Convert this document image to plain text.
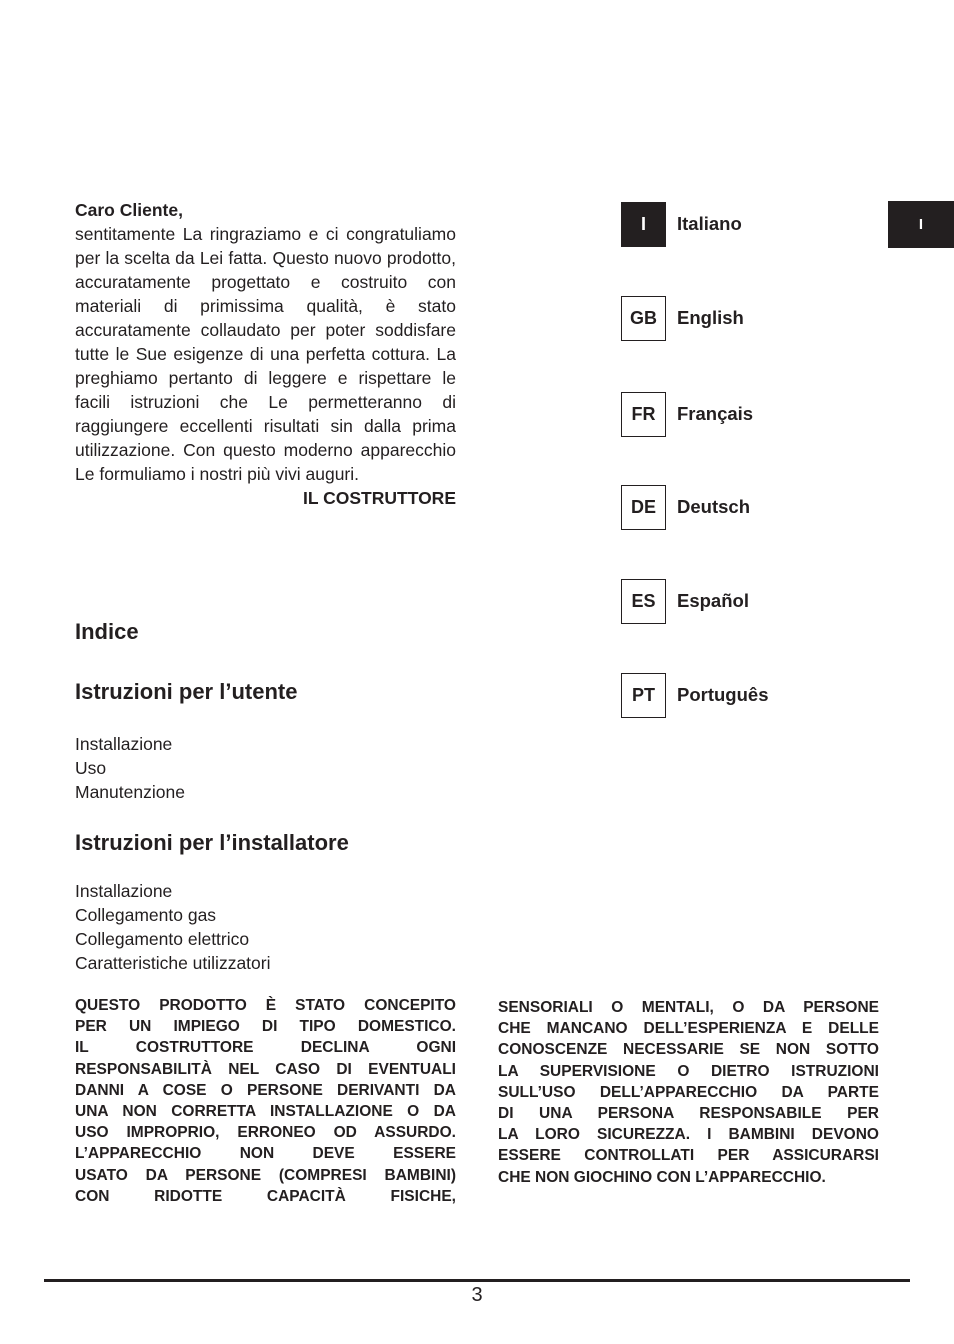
Caro Cliente,
sentitamente La ringraziamo e ci congratuliamo per la scelta da Lei fatta. Questo nuovo prodotto, accuratamente progettato e costruito con materiali di primissima qualità, è stato accuratamente collaudato per poter soddisfare tutte le Sue esigenze di una perfetta cottura. La preghiamo pertanto di leggere e rispettare le facili istruzioni che Le permetteranno di raggiungere eccellenti risultati sin dalla prima utilizzazione. Con questo moderno apparecchio Le formuliamo i nostri più vivi auguri.
IL COSTRUTTORE
Indice
Istruzioni per l’utente
Installazione
Uso
Manutenzione
Istruzioni per l’installatore
Installazione
Collegamento gas
Collegamento elettrico
Caratteristiche utilizzatori
I	Italiano
GB	English
FR	Français
DE	Deutsch
ES	Español
PT	Português
I
QUESTO PRODOTTO È STATO CONCEPITO
PER UN IMPIEGO DI TIPO DOMESTICO.
IL COSTRUTTORE DECLINA OGNI
RESPONSABILITÀ NEL CASO DI EVENTUALI
DANNI A COSE O PERSONE DERIVANTI DA
UNA NON CORRETTA INSTALLAZIONE O DA
USO IMPROPRIO, ERRONEO OD ASSURDO.
L’APPARECCHIO NON DEVE ESSERE
USATO DA PERSONE (COMPRESI BAMBINI)
CON RIDOTTE CAPACITÀ FISICHE,
SENSORIALI O MENTALI, O DA PERSONE
CHE MANCANO DELL’ESPERIENZA E DELLE
CONOSCENZE NECESSARIE SE NON SOTTO
LA SUPERVISIONE O DIETRO ISTRUZIONI
SULL’USO DELL’APPARECCHIO DA PARTE
DI UNA PERSONA RESPONSABILE PER
LA LORO SICUREZZA. I BAMBINI DEVONO
ESSERE CONTROLLATI PER ASSICURARSI
CHE NON GIOCHINO CON L’APPARECCHIO.
3
